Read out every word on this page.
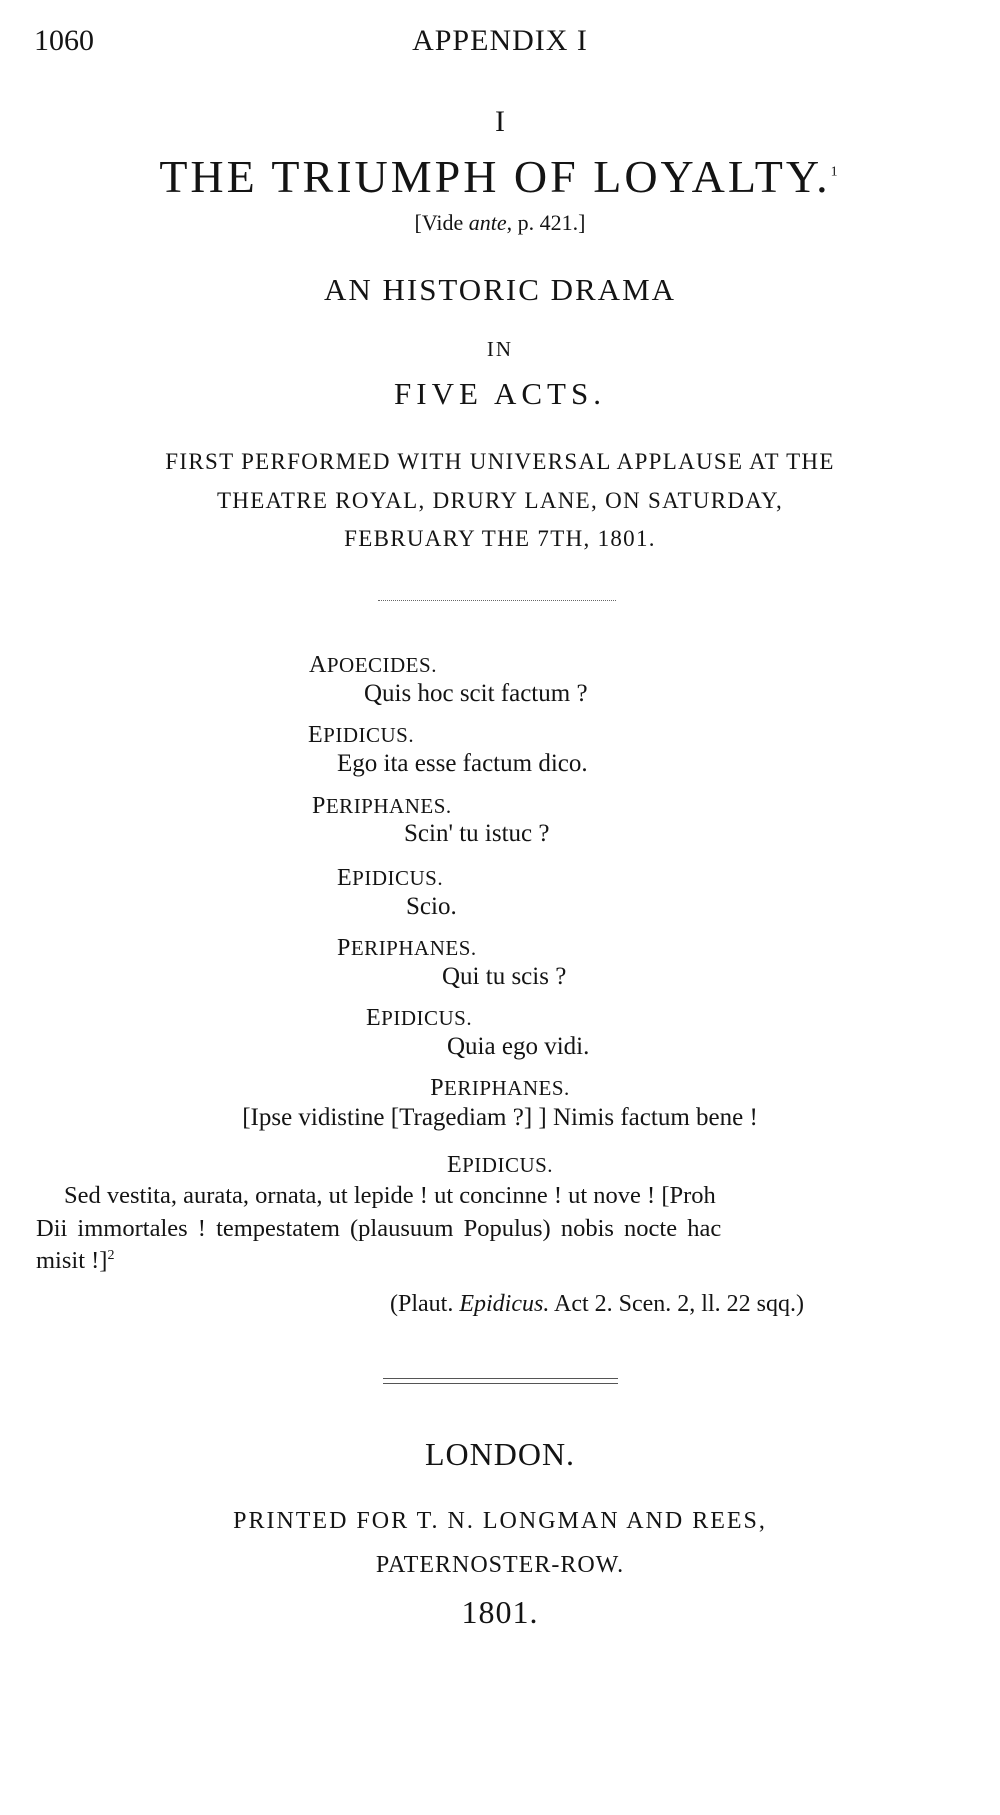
1060	APPENDIX I
I
THE TRIUMPH OF LOYALTY.$^1$
[Vide ante, p. 421.]
AN HISTORIC DRAMA
IN
FIVE ACTS.
FIRST PERFORMED WITH UNIVERSAL APPLAUSE AT THE
THEATRE ROYAL, DRURY LANE, ON SATURDAY,
FEBRUARY THE 7TH, 1801.
APOECIDES.
Quis hoc scit factum ?
EPIDICUS.
Ego ita esse factum dico.
PERIPHANES.
Scin' tu istuc ?
EPIDICUS.
Scio.
PERIPHANES.
Qui tu scis ?
EPIDICUS.
Quia ego vidi.
PERIPHANES.
[Ipse vidistine [Tragediam ?] ] Nimis factum bene !
EPIDICUS.
Sed vestita, aurata, ornata, ut lepide ! ut concinne ! ut nove ! [Proh
Dii immortales ! tempestatem (plausuum Populus) nobis nocte hac
misit !]$^2$
(Plaut. Epidicus. Act 2. Scen. 2, ll. 22 sqq.)
LONDON.
PRINTED FOR T. N. LONGMAN AND REES,
PATERNOSTER-ROW.
1801.
